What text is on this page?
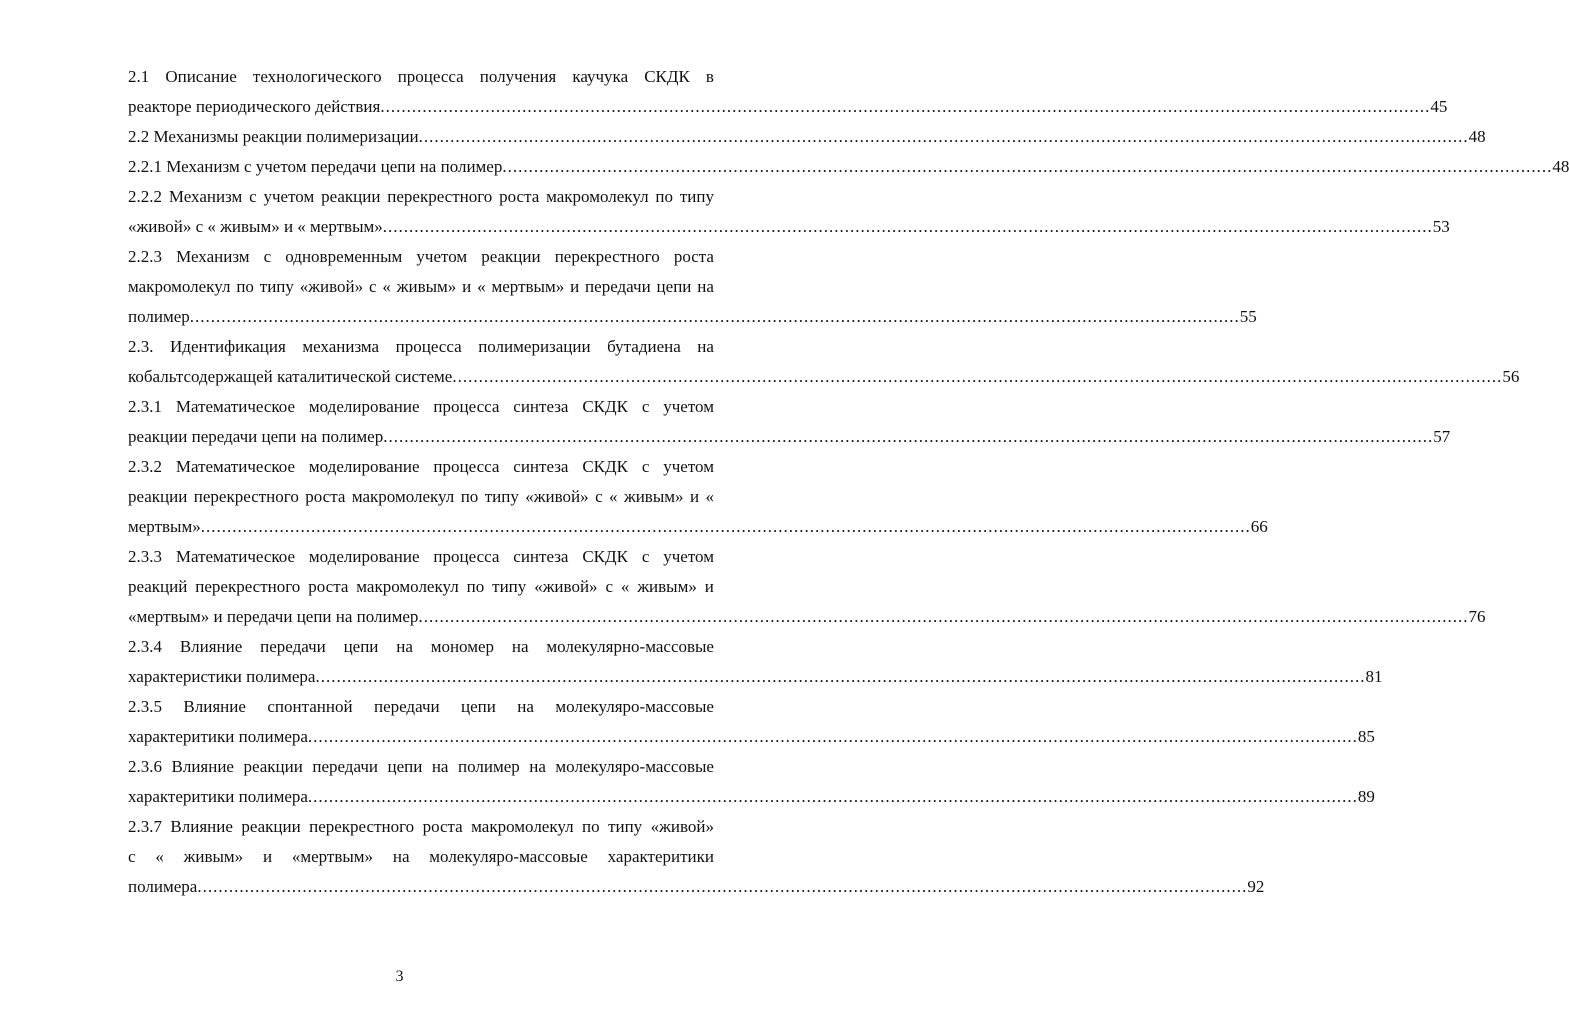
2.1 Описание технологического процесса получения каучука СКДК в
реакторе периодического действия ........................................................................................................................................................................................................ 45
2.2 Механизмы реакции полимеризации ........................................................................................................................................................................................................ 48
2.2.1 Механизм с учетом передачи цепи на полимер ........................................................................................................................................................................................................ 48
2.2.2 Механизм с учетом реакции перекрестного роста макромолекул по типу
«живой» с « живым» и « мертвым» ........................................................................................................................................................................................................ 53
2.2.3 Механизм с одновременным учетом реакции перекрестного роста
макромолекул по типу «живой» с « живым» и « мертвым» и передачи цепи на
полимер ........................................................................................................................................................................................................ 55
2.3. Идентификация механизма процесса полимеризации бутадиена на
кобальтсодержащей каталитической системе ........................................................................................................................................................................................................ 56
2.3.1 Математическое моделирование процесса синтеза СКДК с учетом
реакции передачи цепи на полимер ........................................................................................................................................................................................................ 57
2.3.2 Математическое моделирование процесса синтеза СКДК с учетом
реакции перекрестного роста макромолекул по типу «живой» с « живым» и «
мертвым» ........................................................................................................................................................................................................ 66
2.3.3 Математическое моделирование процесса синтеза СКДК с учетом
реакций перекрестного роста макромолекул по типу «живой» с « живым» и
«мертвым» и передачи цепи на полимер ........................................................................................................................................................................................................ 76
2.3.4 Влияние передачи цепи на мономер на молекулярно-массовые
характеристики полимера ........................................................................................................................................................................................................ 81
2.3.5 Влияние спонтанной передачи цепи на молекуляро-массовые
характеритики полимера ........................................................................................................................................................................................................ 85
2.3.6 Влияние реакции передачи цепи на полимер на молекуляро-массовые
характеритики полимера ........................................................................................................................................................................................................ 89
2.3.7 Влияние реакции перекрестного роста макромолекул по типу «живой»
с « живым» и «мертвым» на молекуляро-массовые характеритики
полимера ........................................................................................................................................................................................................ 92
3
